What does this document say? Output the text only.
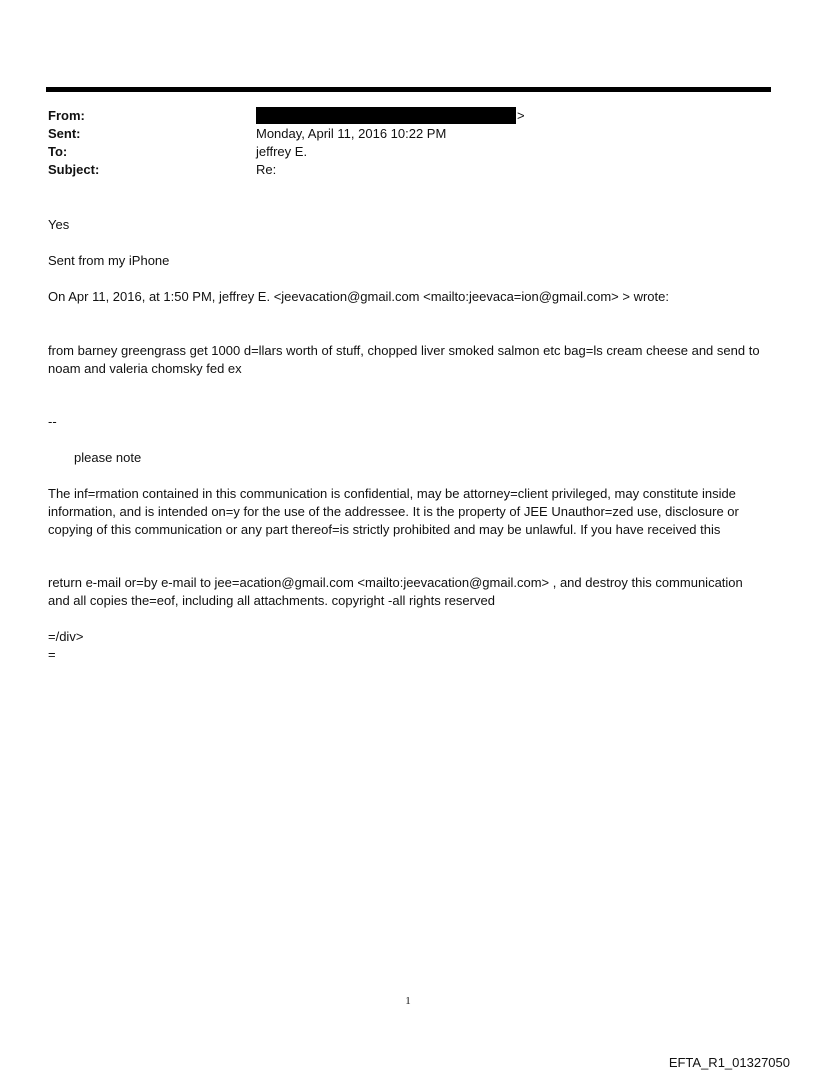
From:	>
Sent:	Monday, April 11, 2016 10:22 PM
To:	jeffrey E.
Subject:	Re:

Yes

Sent from my iPhone

On Apr 11, 2016, at 1:50 PM, jeffrey E. <jeevacation@gmail.com <mailto:jeevaca=ion@gmail.com> > wrote:

from barney greengrass get 1000 d=llars worth of stuff, chopped liver smoked salmon etc bag=ls cream cheese and send to noam and valeria chomsky fed ex

--

please note

The inf=rmation contained in this communication is confidential, may be attorney=client privileged, may constitute inside information, and is intended on=y for the use of the addressee. It is the property of JEE Unauthor=zed use, disclosure or copying of this communication or any part thereof=is strictly prohibited and may be unlawful. If you have received this

return e-mail or=by e-mail to jee=acation@gmail.com <mailto:jeevacation@gmail.com> , and destroy this communication and all copies the=eof, including all attachments. copyright -all rights reserved

=/div>

=

1
EFTA_R1_01327050
